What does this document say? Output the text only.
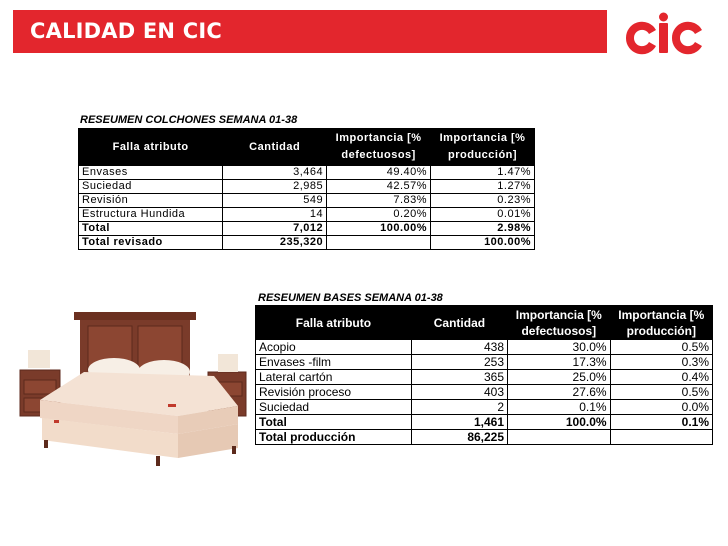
CALIDAD EN CIC
RESEUMEN COLCHONES SEMANA 01-38
Falla atributo	Cantidad	Importancia [% defectuosos]	Importancia [% producción]
Envases	3,464	49.40%	1.47%
Suciedad	2,985	42.57%	1.27%
Revisión	549	7.83%	0.23%
Estructura Hundida	14	0.20%	0.01%
Total	7,012	100.00%	2.98%
Total revisado	235,320		100.00%
RESEUMEN BASES SEMANA 01-38
Falla atributo	Cantidad	Importancia [% defectuosos]	Importancia [% producción]
Acopio	438	30.0%	0.5%
Envases -film	253	17.3%	0.3%
Lateral cartón	365	25.0%	0.4%
Revisión proceso	403	27.6%	0.5%
Suciedad	2	0.1%	0.0%
Total	1,461	100.0%	0.1%
Total producción	86,225		
